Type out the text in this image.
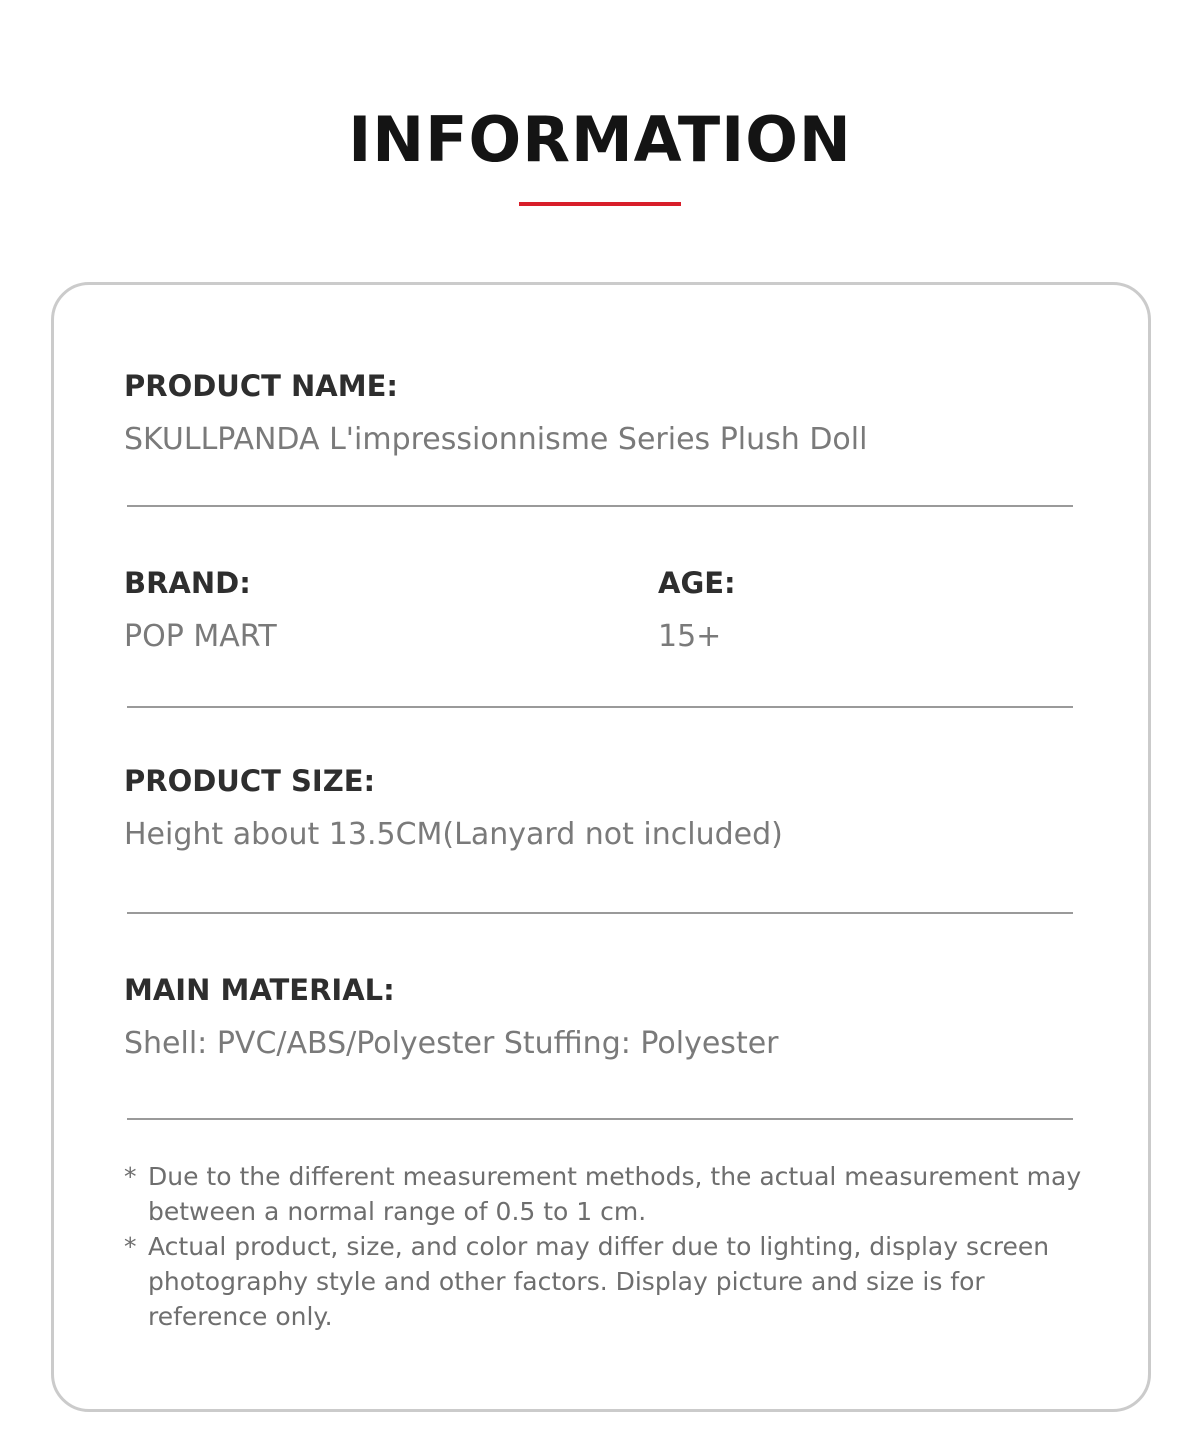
INFORMATION
PRODUCT NAME:
SKULLPANDA L'impressionnisme Series Plush Doll
BRAND:
POP MART
AGE:
15+
PRODUCT SIZE:
Height about 13.5CM(Lanyard not included)
MAIN MATERIAL:
Shell: PVC/ABS/Polyester Stuffing: Polyester
* Due to the different measurement methods, the actual measurement may between a normal range of 0.5 to 1 cm.
* Actual product, size, and color may differ due to lighting, display screen photography style and other factors. Display picture and size is for reference only.
